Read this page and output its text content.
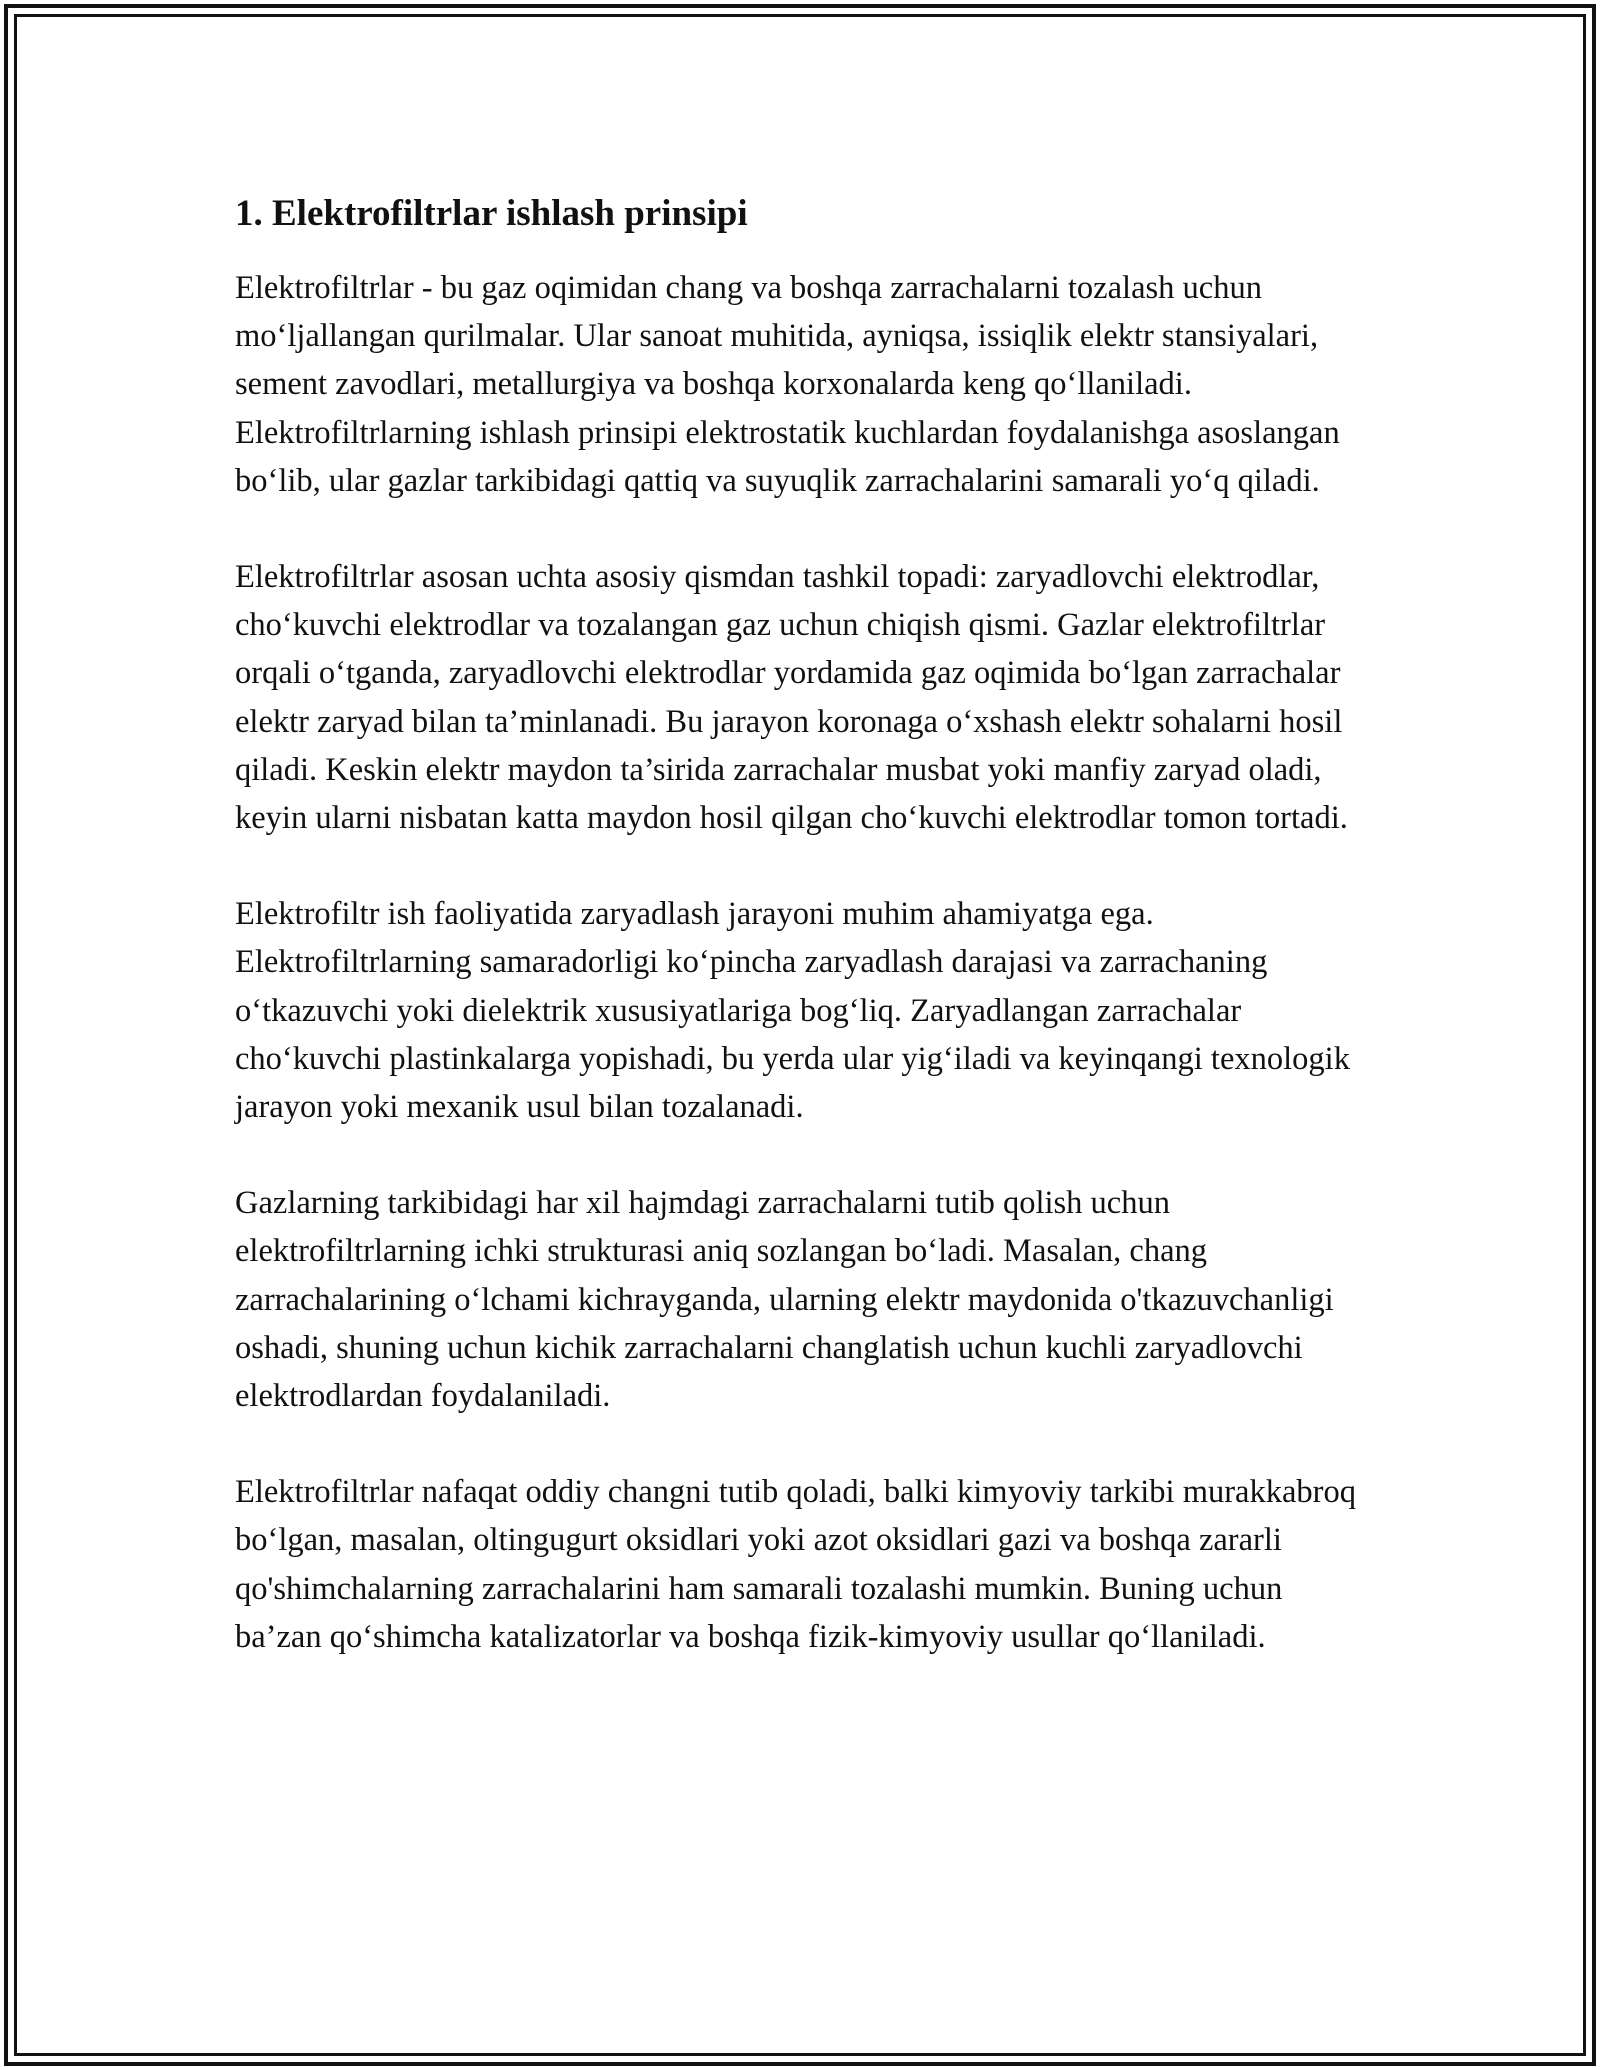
1. Elektrofiltrlar ishlash prinsipi

Elektrofiltrlar - bu gaz oqimidan chang va boshqa zarrachalarni tozalash uchun mo‘ljallangan qurilmalar. Ular sanoat muhitida, ayniqsa, issiqlik elektr stansiyalari, sement zavodlari, metallurgiya va boshqa korxonalarda keng qo‘llaniladi. Elektrofiltrlarning ishlash prinsipi elektrostatik kuchlardan foydalanishga asoslangan bo‘lib, ular gazlar tarkibidagi qattiq va suyuqlik zarrachalarini samarali yo‘q qiladi.

Elektrofiltrlar asosan uchta asosiy qismdan tashkil topadi: zaryadlovchi elektrodlar, cho‘kuvchi elektrodlar va tozalangan gaz uchun chiqish qismi. Gazlar elektrofiltrlar orqali o‘tganda, zaryadlovchi elektrodlar yordamida gaz oqimida bo‘lgan zarrachalar elektr zaryad bilan ta’minlanadi. Bu jarayon koronaga o‘xshash elektr sohalarni hosil qiladi. Keskin elektr maydon ta’sirida zarrachalar musbat yoki manfiy zaryad oladi, keyin ularni nisbatan katta maydon hosil qilgan cho‘kuvchi elektrodlar tomon tortadi.

Elektrofiltr ish faoliyatida zaryadlash jarayoni muhim ahamiyatga ega. Elektrofiltrlarning samaradorligi ko‘pincha zaryadlash darajasi va zarrachaning o‘tkazuvchi yoki dielektrik xususiyatlariga bog‘liq. Zaryadlangan zarrachalar cho‘kuvchi plastinkalarga yopishadi, bu yerda ular yig‘iladi va keyinqangi texnologik jarayon yoki mexanik usul bilan tozalanadi.

Gazlarning tarkibidagi har xil hajmdagi zarrachalarni tutib qolish uchun elektrofiltrlarning ichki strukturasi aniq sozlangan bo‘ladi. Masalan, chang zarrachalarining o‘lchami kichrayganda, ularning elektr maydonida o'tkazuvchanligi oshadi, shuning uchun kichik zarrachalarni changlatish uchun kuchli zaryadlovchi elektrodlardan foydalaniladi.

Elektrofiltrlar nafaqat oddiy changni tutib qoladi, balki kimyoviy tarkibi murakkabroq bo‘lgan, masalan, oltingugurt oksidlari yoki azot oksidlari gazi va boshqa zararli qo'shimchalarning zarrachalarini ham samarali tozalashi mumkin. Buning uchun ba’zan qo‘shimcha katalizatorlar va boshqa fizik-kimyoviy usullar qo‘llaniladi.
